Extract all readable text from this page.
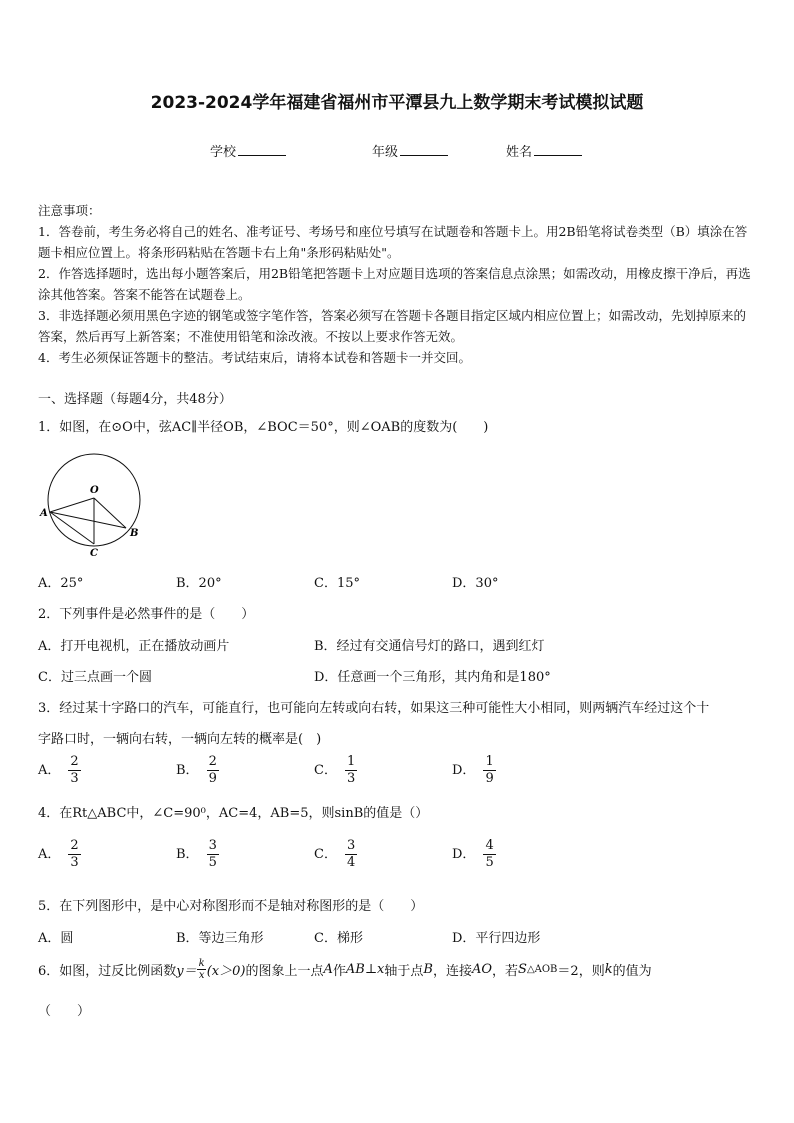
2023-2024学年福建省福州市平潭县九上数学期末考试模拟试题
学校	年级	姓名

注意事项：

1．答卷前，考生务必将自己的姓名、准考证号、考场号和座位号填写在试题卷和答题卡上。用2B铅笔将试卷类型（B）填涂在答题卡相应位置上。将条形码粘贴在答题卡右上角"条形码粘贴处"。

2．作答选择题时，选出每小题答案后，用2B铅笔把答题卡上对应题目选项的答案信息点涂黑；如需改动，用橡皮擦干净后，再选涂其他答案。答案不能答在试题卷上。

3．非选择题必须用黑色字迹的钢笔或签字笔作答，答案必须写在答题卡各题目指定区域内相应位置上；如需改动，先划掉原来的答案，然后再写上新答案；不准使用铅笔和涂改液。不按以上要求作答无效。

4．考生必须保证答题卡的整洁。考试结束后，请将本试卷和答题卡一并交回。

一、选择题（每题4分，共48分）
1．如图，在⊙O中，弦AC∥半径OB，∠BOC＝50°，则∠OAB的度数为(　　)
O
A
B
C
A．25°	B．20°	C．15°	D．30°
2．下列事件是必然事件的是（　　）
A．打开电视机，正在播放动画片	B．经过有交通信号灯的路口，遇到红灯
C．过三点画一个圆	D．任意画一个三角形，其内角和是180°
3．经过某十字路口的汽车，可能直行，也可能向左转或向右转，如果这三种可能性大小相同，则两辆汽车经过这个十
字路口时，一辆向右转，一辆向左转的概率是(　)
A． $\frac{2}{3}$	B． $\frac{2}{9}$	C． $\frac{1}{3}$	D． $\frac{1}{9}$
4．在Rt△ABC中，∠C=90⁰，AC=4，AB=5，则sinB的值是（）
A． $\frac{2}{3}$	B． $\frac{3}{5}$	C． $\frac{3}{4}$	D． $\frac{4}{5}$
5．在下列图形中，是中心对称图形而不是轴对称图形的是（　　）
A．圆	B．等边三角形	C．梯形	D．平行四边形
6．如图，过反比例函数 $y= \frac{k}{x} (x>0)$ 的图象上一点 A 作 AB⊥x 轴于点 B ，连接 AO ，若 S △AOB ＝2 ，则 k 的值为
（　　）
